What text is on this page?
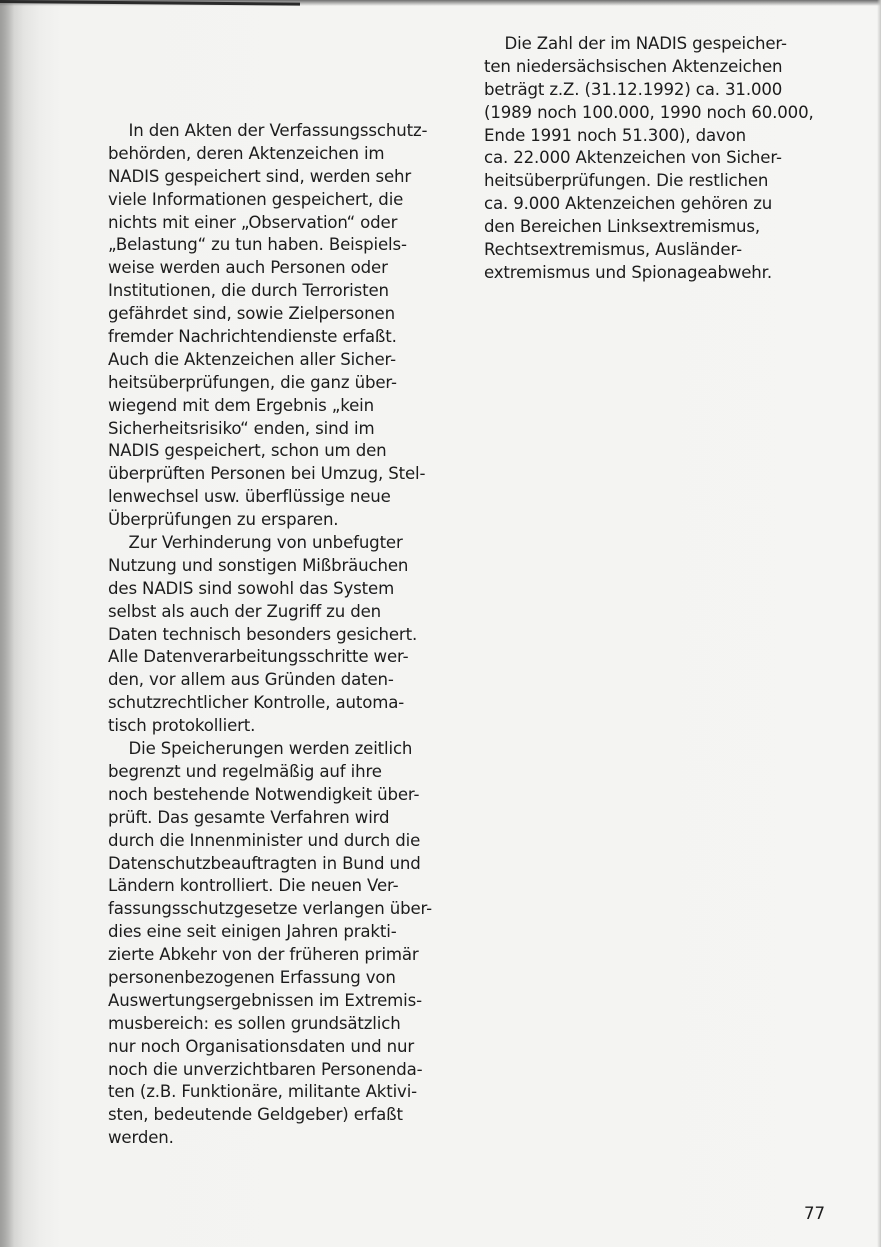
In den Akten der Verfassungsschutz-
behörden, deren Aktenzeichen im
NADIS gespeichert sind, werden sehr
viele Informationen gespeichert, die
nichts mit einer „Observation“ oder
„Belastung“ zu tun haben. Beispiels-
weise werden auch Personen oder
Institutionen, die durch Terroristen
gefährdet sind, sowie Zielpersonen
fremder Nachrichtendienste erfaßt.
Auch die Aktenzeichen aller Sicher-
heitsüberprüfungen, die ganz über-
wiegend mit dem Ergebnis „kein
Sicherheitsrisiko“ enden, sind im
NADIS gespeichert, schon um den
überprüften Personen bei Umzug, Stel-
lenwechsel usw. überflüssige neue
Überprüfungen zu ersparen.
Zur Verhinderung von unbefugter
Nutzung und sonstigen Mißbräuchen
des NADIS sind sowohl das System
selbst als auch der Zugriff zu den
Daten technisch besonders gesichert.
Alle Datenverarbeitungsschritte wer-
den, vor allem aus Gründen daten-
schutzrechtlicher Kontrolle, automa-
tisch protokolliert.
Die Speicherungen werden zeitlich
begrenzt und regelmäßig auf ihre
noch bestehende Notwendigkeit über-
prüft. Das gesamte Verfahren wird
durch die Innenminister und durch die
Datenschutzbeauftragten in Bund und
Ländern kontrolliert. Die neuen Ver-
fassungsschutzgesetze verlangen über-
dies eine seit einigen Jahren prakti-
zierte Abkehr von der früheren primär
personenbezogenen Erfassung von
Auswertungsergebnissen im Extremis-
musbereich: es sollen grundsätzlich
nur noch Organisationsdaten und nur
noch die unverzichtbaren Personenda-
ten (z.B. Funktionäre, militante Aktivi-
sten, bedeutende Geldgeber) erfaßt
werden.
Die Zahl der im NADIS gespeicher-
ten niedersächsischen Aktenzeichen
beträgt z.Z. (31.12.1992) ca. 31.000
(1989 noch 100.000, 1990 noch 60.000,
Ende 1991 noch 51.300), davon
ca. 22.000 Aktenzeichen von Sicher-
heitsüberprüfungen. Die restlichen
ca. 9.000 Aktenzeichen gehören zu
den Bereichen Linksextremismus,
Rechtsextremismus, Ausländer-
extremismus und Spionageabwehr.
77
